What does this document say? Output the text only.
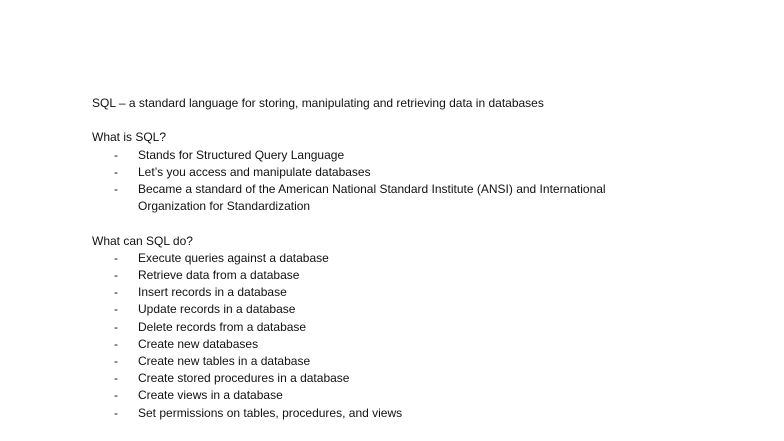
SQL – a standard language for storing, manipulating and retrieving data in databases
What is SQL?
- Stands for Structured Query Language
- Let’s you access and manipulate databases
- Became a standard of the American National Standard Institute (ANSI) and International Organization for Standardization
What can SQL do?
- Execute queries against a database
- Retrieve data from a database
- Insert records in a database
- Update records in a database
- Delete records from a database
- Create new databases
- Create new tables in a database
- Create stored procedures in a database
- Create views in a database
- Set permissions on tables, procedures, and views
